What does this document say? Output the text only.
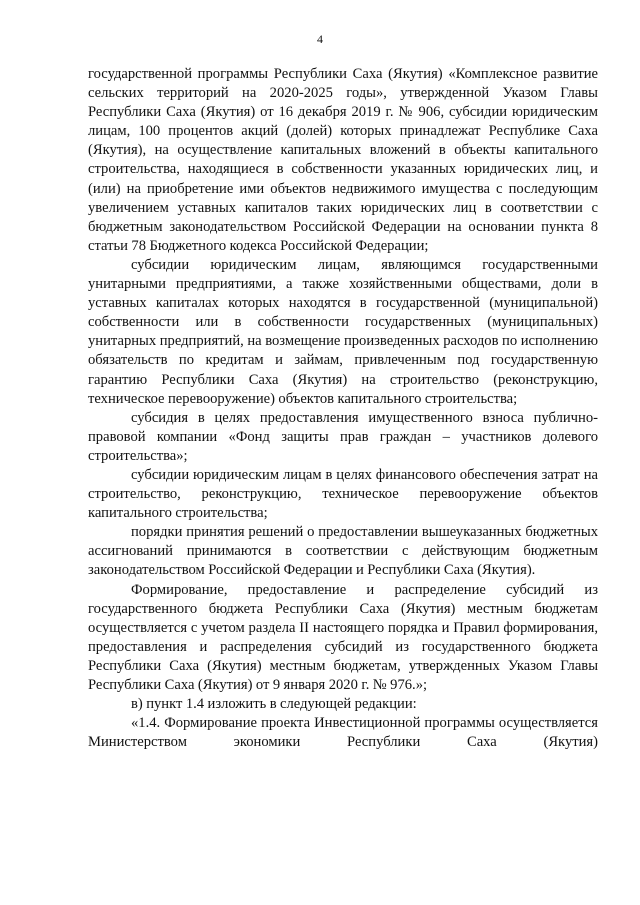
4

государственной программы Республики Саха (Якутия) «Комплексное развитие сельских территорий на 2020-2025 годы», утвержденной Указом Главы Республики Саха (Якутия) от 16 декабря 2019 г. № 906, субсидии юридическим лицам, 100 процентов акций (долей) которых принадлежат Республике Саха (Якутия), на осуществление капитальных вложений в объекты капитального строительства, находящиеся в собственности указанных юридических лиц, и (или) на приобретение ими объектов недвижимого имущества с последующим увеличением уставных капиталов таких юридических лиц в соответствии с бюджетным законодательством Российской Федерации на основании пункта 8 статьи 78 Бюджетного кодекса Российской Федерации;

субсидии юридическим лицам, являющимся государственными унитарными предприятиями, а также хозяйственными обществами, доли в уставных капиталах которых находятся в государственной (муниципальной) собственности или в собственности государственных (муниципальных) унитарных предприятий, на возмещение произведенных расходов по исполнению обязательств по кредитам и займам, привлеченным под государственную гарантию Республики Саха (Якутия) на строительство (реконструкцию, техническое перевооружение) объектов капитального строительства;

субсидия в целях предоставления имущественного взноса публично-правовой компании «Фонд защиты прав граждан – участников долевого строительства»;

субсидии юридическим лицам в целях финансового обеспечения затрат на строительство, реконструкцию, техническое перевооружение объектов капитального строительства;

порядки принятия решений о предоставлении вышеуказанных бюджетных ассигнований принимаются в соответствии с действующим бюджетным законодательством Российской Федерации и Республики Саха (Якутия).

Формирование, предоставление и распределение субсидий из государственного бюджета Республики Саха (Якутия) местным бюджетам осуществляется с учетом раздела II настоящего порядка и Правил формирования, предоставления и распределения субсидий из государственного бюджета Республики Саха (Якутия) местным бюджетам, утвержденных Указом Главы Республики Саха (Якутия) от 9 января 2020 г. № 976.»;

в) пункт 1.4 изложить в следующей редакции:

«1.4. Формирование проекта Инвестиционной программы осуществляется Министерством экономики Республики Саха (Якутия)
